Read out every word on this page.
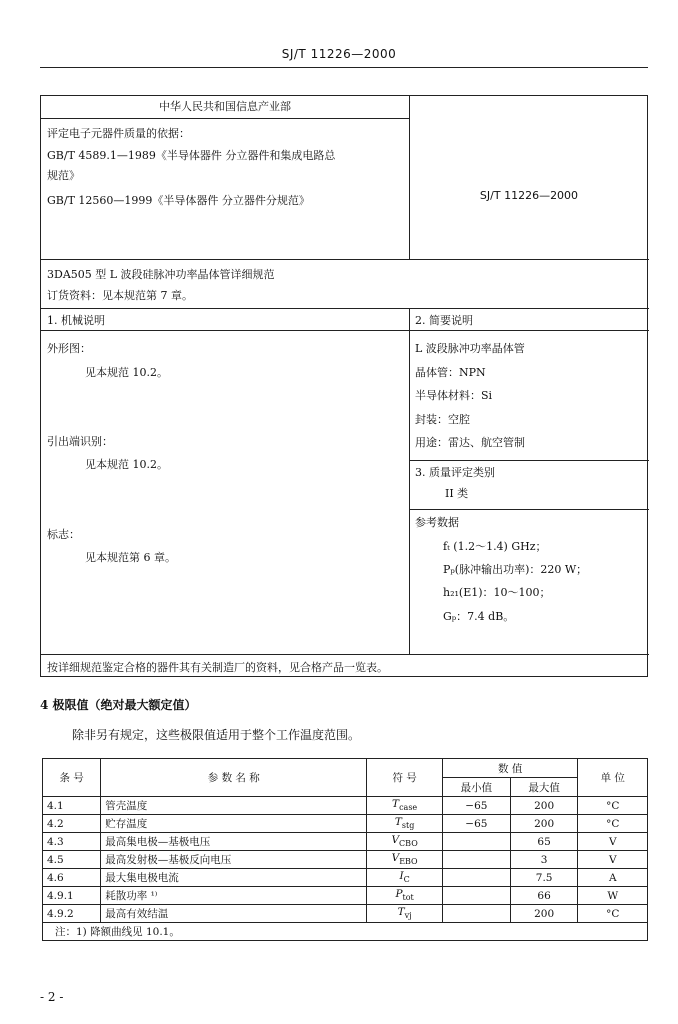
SJ/T 11226—2000
中华人民共和国信息产业部
评定电子元器件质量的依据：
GB/T 4589.1—1989《半导体器件 分立器件和集成电路总
规范》
GB/T 12560—1999《半导体器件 分立器件分规范》	SJ/T 11226—2000
3DA505 型 L 波段硅脉冲功率晶体管详细规范
订货资料：见本规范第 7 章。
1. 机械说明	2. 简要说明
外形图：
见本规范 10.2。
引出端识别：
见本规范 10.2。
标志：
见本规范第 6 章。
L 波段脉冲功率晶体管
晶体管：NPN
半导体材料：Si
封装：空腔
用途：雷达、航空管制
3. 质量评定类别
II 类
参考数据
fₜ (1.2～1.4) GHz；
Pₚ(脉冲输出功率)：220 W；
h₂₁(E1)：10～100；
Gₚ：7.4 dB。
按详细规范鉴定合格的器件其有关制造厂的资料，见合格产品一览表。
4 极限值（绝对最大额定值）
除非另有规定，这些极限值适用于整个工作温度范围。
条 号	参 数 名 称	符 号	数 值		单 位
			最小值	最大值	
4.1	管壳温度	$T_{case}$	−65	200	°C
4.2	贮存温度	$T_{stg}$	−65	200	°C
4.3	最高集电极—基极电压	$V_{CBO}$		65	V
4.5	最高发射极—基极反向电压	$V_{EBO}$		3	V
4.6	最大集电极电流	$I_C$		7.5	A
4.9.1	耗散功率 ¹⁾	$P_{tot}$		66	W
4.9.2	最高有效结温	$T_{vj}$		200	°C
注：1) 降额曲线见 10.1。					
- 2 -
